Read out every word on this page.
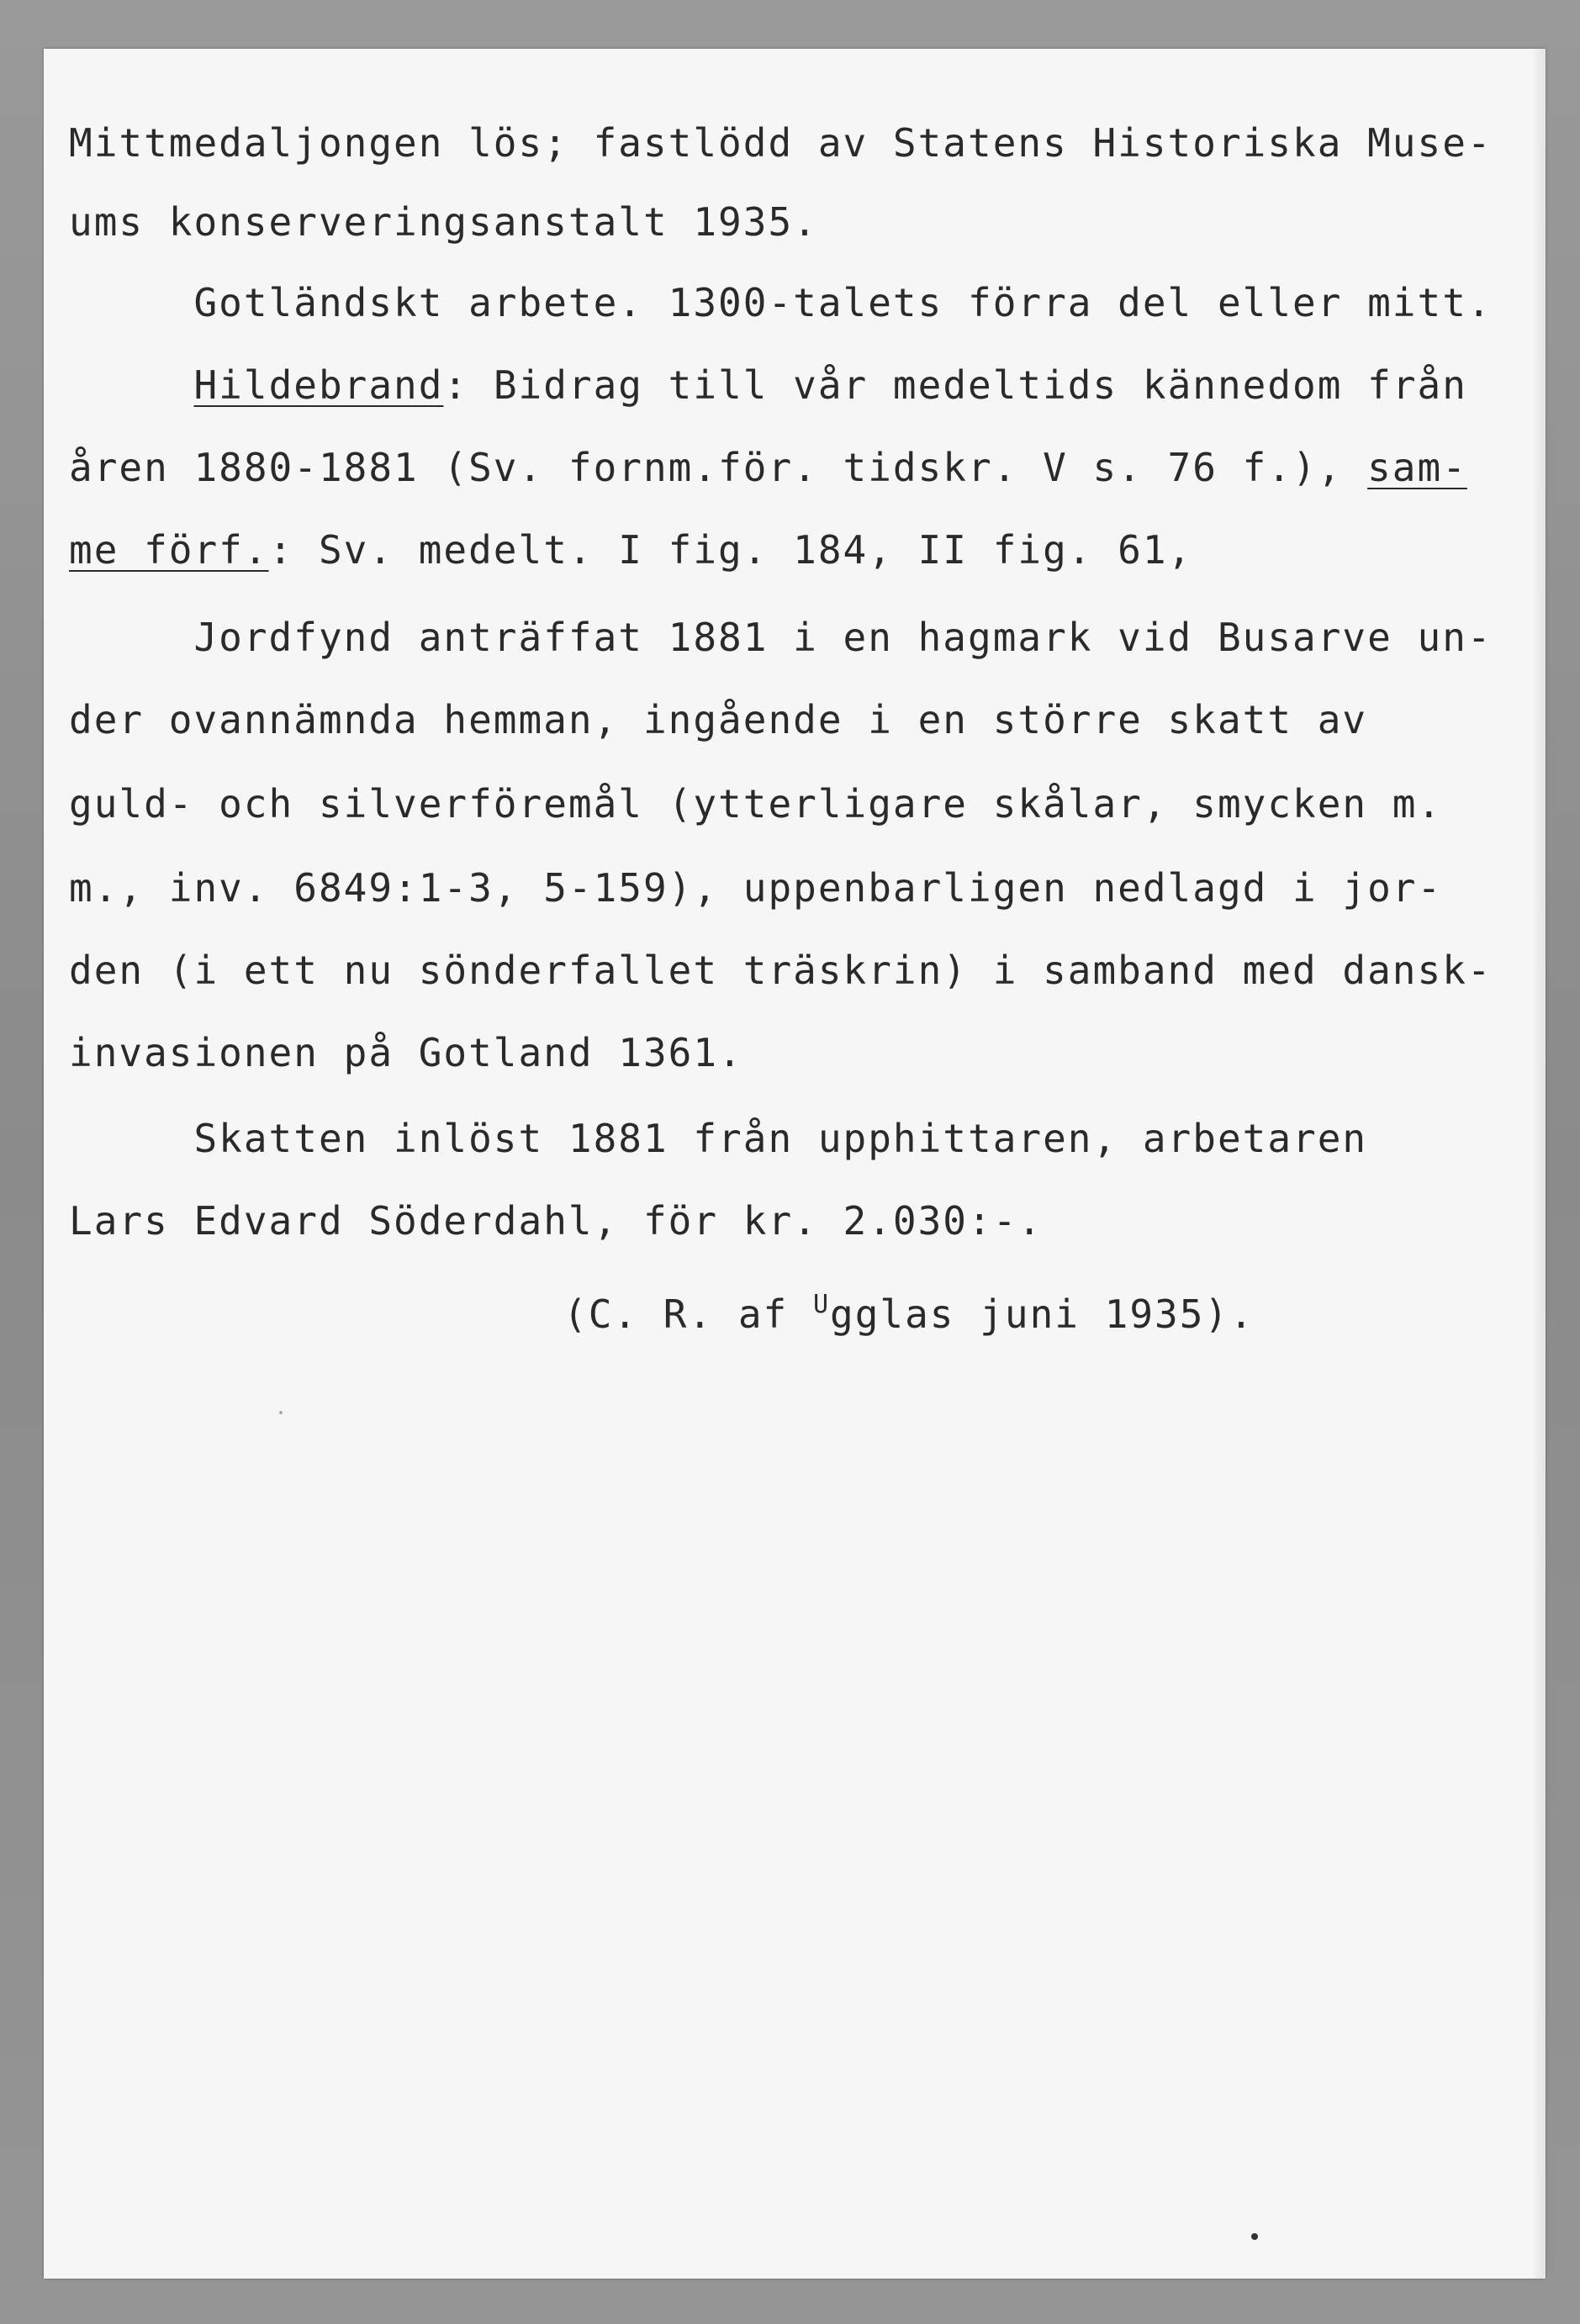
Mittmedaljongen lös; fastlödd av Statens Historiska Muse-
ums konserveringsanstalt 1935.
Gotländskt arbete. 1300-talets förra del eller mitt.
Hildebrand: Bidrag till vår medeltids kännedom från
åren 1880-1881 (Sv. fornm.för. tidskr. V s. 76 f.), sam-
me förf.: Sv. medelt. I fig. 184, II fig. 61,
Jordfynd anträffat 1881 i en hagmark vid Busarve un-
der ovannämnda hemman, ingående i en större skatt av
guld- och silverföremål (ytterligare skålar, smycken m.
m., inv. 6849:1-3, 5-159), uppenbarligen nedlagd i jor-
den (i ett nu sönderfallet träskrin) i samband med dansk-
invasionen på Gotland 1361.
Skatten inlöst 1881 från upphittaren, arbetaren
Lars Edvard Söderdahl, för kr. 2.030:-.
(C. R. af $^U$gglas juni 1935).
